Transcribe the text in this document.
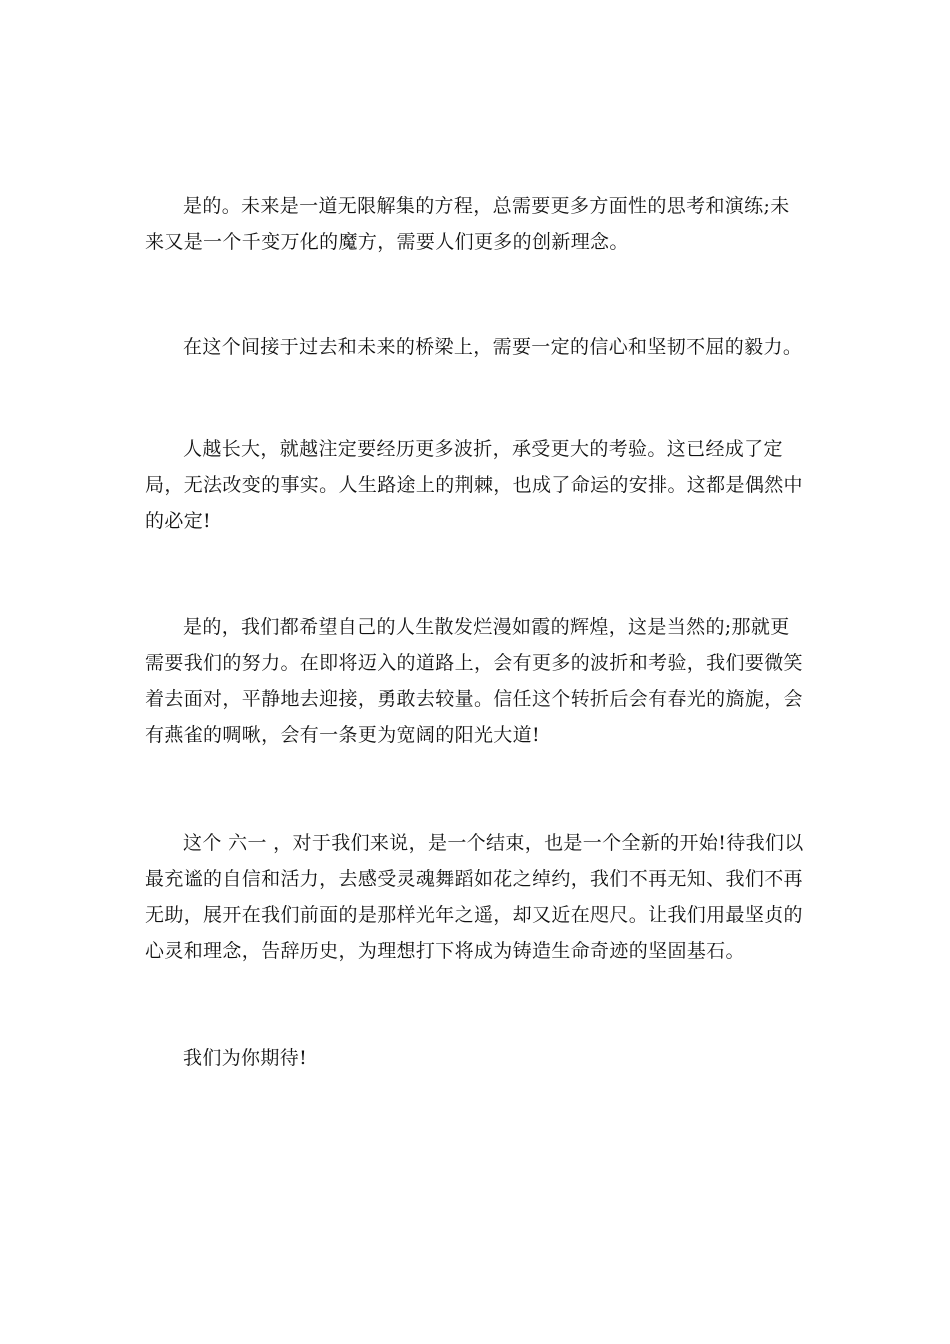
是的。未来是一道无限解集的方程，总需要更多方面性的思考和演练;未来又是一个千变万化的魔方，需要人们更多的创新理念。

在这个间接于过去和未来的桥梁上，需要一定的信心和坚韧不屈的毅力。

人越长大，就越注定要经历更多波折，承受更大的考验。这已经成了定局，无法改变的事实。人生路途上的荆棘，也成了命运的安排。这都是偶然中的必定!

是的，我们都希望自己的人生散发烂漫如霞的辉煌，这是当然的;那就更需要我们的努力。在即将迈入的道路上，会有更多的波折和考验，我们要微笑着去面对，平静地去迎接，勇敢去较量。信任这个转折后会有春光的旖旎，会有燕雀的啁啾，会有一条更为宽阔的阳光大道!

这个 六一 ，对于我们来说，是一个结束，也是一个全新的开始!待我们以最充谧的自信和活力，去感受灵魂舞蹈如花之绰约，我们不再无知、我们不再无助，展开在我们前面的是那样光年之遥，却又近在咫尺。让我们用最坚贞的心灵和理念，告辞历史，为理想打下将成为铸造生命奇迹的坚固基石。

我们为你期待!
